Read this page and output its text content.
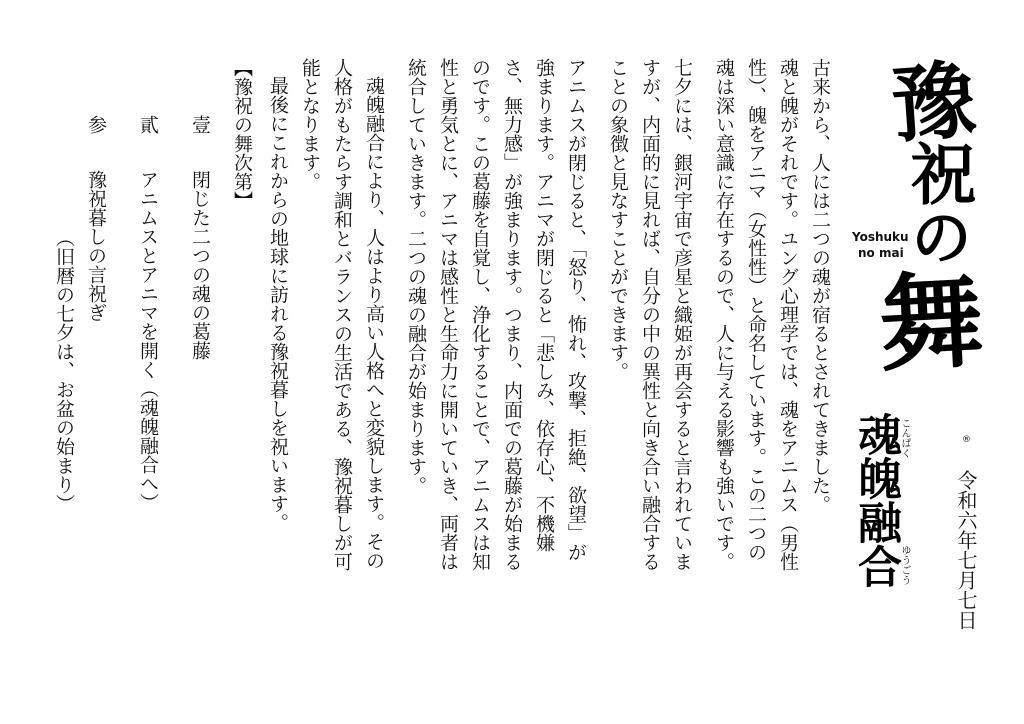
豫
祝
の
舞
Yoshuku
no mai
®
魂魄融合
こんぱく
ゆうごう 令和六年七月七日
古来から、人には二つの魂が宿るとされてきました。
魂と魄がそれです。ユング心理学では、魂をアニムス（男性
性）、魄をアニマ（女性性）と命名しています。この二つの
魂は深い意識に存在するので、人に与える影響も強いです。
七夕には、銀河宇宙で彦星と織姫が再会すると言われていま
すが、内面的に見れば、自分の中の異性と向き合い融合する
ことの象徴と見なすことができます。
アニムスが閉じると、「怒り、怖れ、攻撃、拒絶、欲望」が
強まります。アニマが閉じると「悲しみ、依存心、不機嫌
さ、無力感」が強まります。つまり、内面での葛藤が始まる
のです。この葛藤を自覚し、浄化することで、アニムスは知
性と勇気とに、アニマは感性と生命力に開いていき、両者は
統合していきます。二つの魂の融合が始まります。
魂魄融合により、人はより高い人格へと変貌します。その
人格がもたらす調和とバランスの生活である、豫祝暮しが可
能となります。
最後にこれからの地球に訪れる豫祝暮しを祝います。
【豫祝の舞次第】
壹
閉じた二つの魂の葛藤
貳
アニムスとアニマを開く（魂魄融合へ）
参
豫祝暮しの言祝ぎ
（旧暦の七夕は、お盆の始まり）
